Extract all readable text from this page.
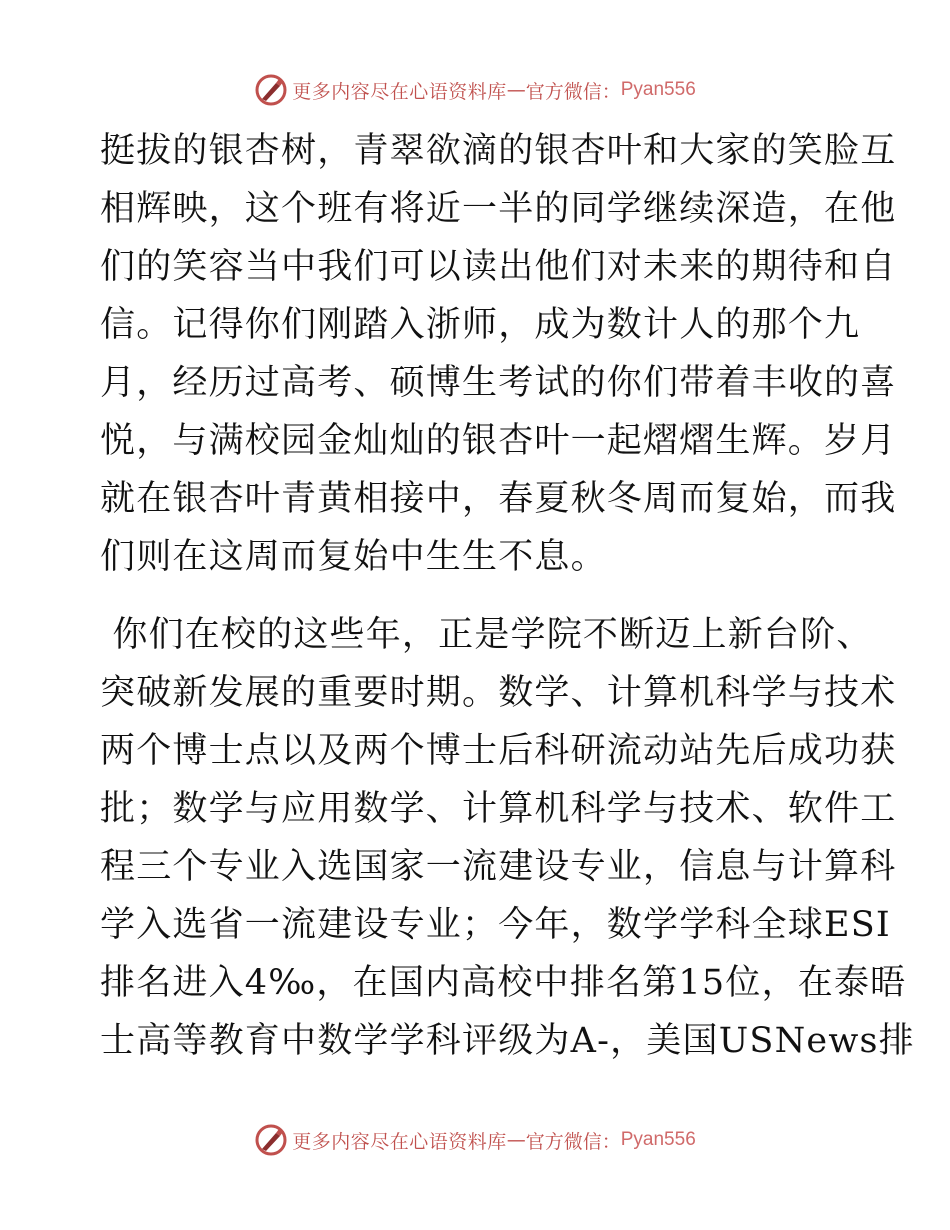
更多内容尽在心语资料库 — 官方微信： Pyan556
挺拔的银杏树，青翠欲滴的银杏叶和大家的笑脸互
相辉映，这个班有将近一半的同学继续深造，在他
们的笑容当中我们可以读出他们对未来的期待和自
信。记得你们刚踏入浙师，成为数计人的那个九
月，经历过高考、硕博生考试的你们带着丰收的喜
悦，与满校园金灿灿的银杏叶一起熠熠生辉。岁月
就在银杏叶青黄相接中，春夏秋冬周而复始，而我
们则在这周而复始中生生不息。
你们在校的这些年，正是学院不断迈上新台阶、
突破新发展的重要时期。数学、计算机科学与技术
两个博士点以及两个博士后科研流动站先后成功获
批；数学与应用数学、计算机科学与技术、软件工
程三个专业入选国家一流建设专业，信息与计算科
学入选省一流建设专业；今年，数学学科全球ESI
排名进入4‰，在国内高校中排名第15位，在泰晤
士高等教育中数学学科评级为A-，美国USNews排
更多内容尽在心语资料库 — 官方微信： Pyan556
